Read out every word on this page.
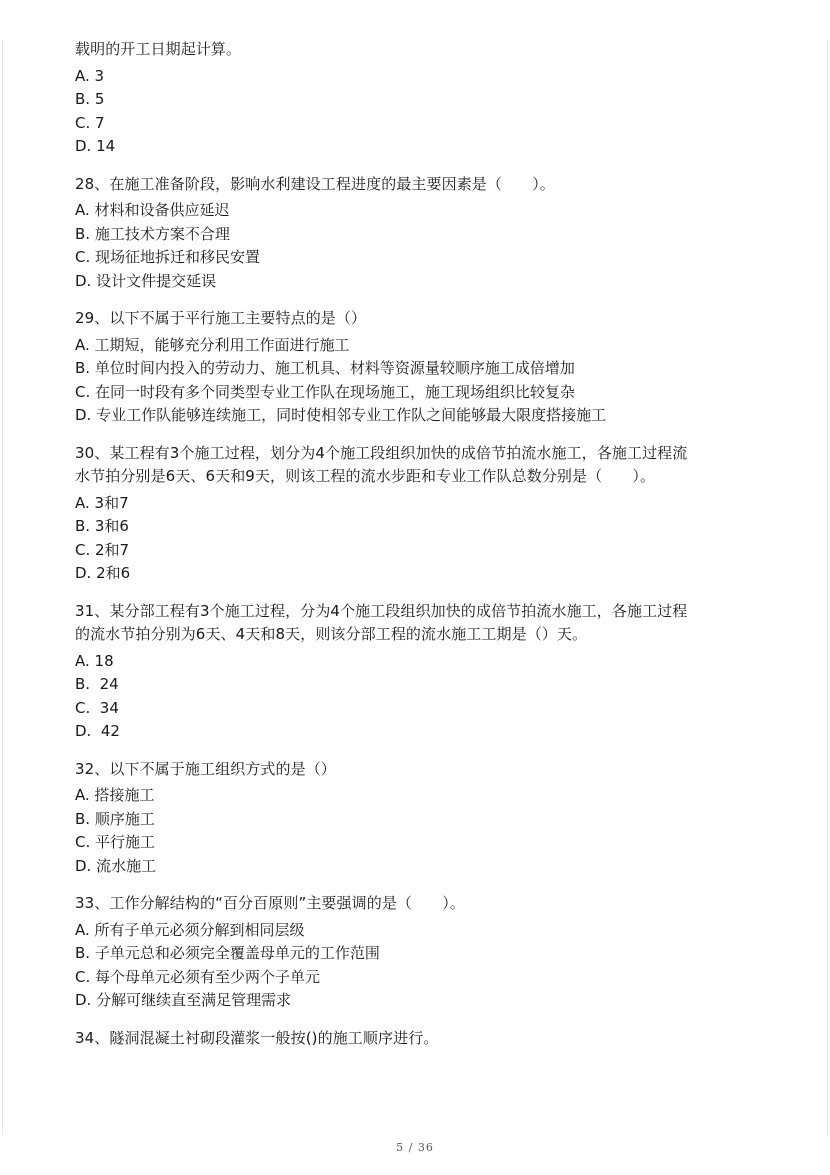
载明的开工日期起计算。
A. 3
B. 5
C. 7
D. 14
28、在施工准备阶段，影响水利建设工程进度的最主要因素是（　　）。
A. 材料和设备供应延迟
B. 施工技术方案不合理
C. 现场征地拆迁和移民安置
D. 设计文件提交延误
29、以下不属于平行施工主要特点的是（）
A. 工期短，能够充分利用工作面进行施工
B. 单位时间内投入的劳动力、施工机具、材料等资源量较顺序施工成倍增加
C. 在同一时段有多个同类型专业工作队在现场施工，施工现场组织比较复杂
D. 专业工作队能够连续施工，同时使相邻专业工作队之间能够最大限度搭接施工
30、某工程有3个施工过程，划分为4个施工段组织加快的成倍节拍流水施工，各施工过程流
水节拍分别是6天、6天和9天，则该工程的流水步距和专业工作队总数分别是（　　）。
A. 3和7
B. 3和6
C. 2和7
D. 2和6
31、某分部工程有3个施工过程，分为4个施工段组织加快的成倍节拍流水施工，各施工过程
的流水节拍分别为6天、4天和8天，则该分部工程的流水施工工期是（）天。
A. 18
B.  24
C.  34
D.  42
32、以下不属于施工组织方式的是（）
A. 搭接施工
B. 顺序施工
C. 平行施工
D. 流水施工
33、工作分解结构的“百分百原则”主要强调的是（　　）。
A. 所有子单元必须分解到相同层级
B. 子单元总和必须完全覆盖母单元的工作范围
C. 每个母单元必须有至少两个子单元
D. 分解可继续直至满足管理需求
34、隧洞混凝土衬砌段灌浆一般按()的施工顺序进行。
5 / 36
